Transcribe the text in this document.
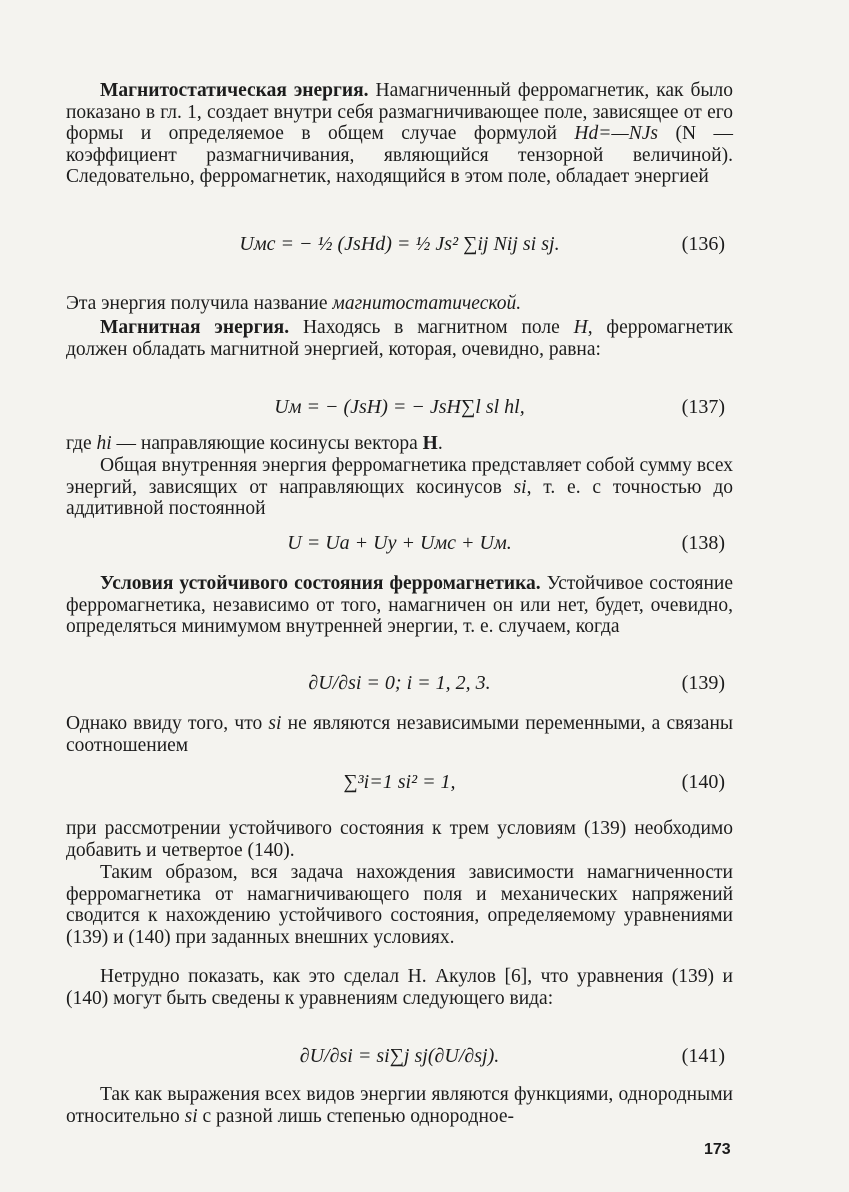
Магнитостатическая энергия. Намагниченный ферромагнетик, как было показано в гл. 1, создает внутри себя размагничивающее поле, зависящее от его формы и определяемое в общем случае формулой Hd=—NJs (N — коэффициент размагничивания, являющийся тензорной величиной). Следовательно, ферромагнетик, находящийся в этом поле, обладает энергией
Uмс = − ½ (JsHd) = ½ Js² ∑ij Nij si sj.	(136)
Эта энергия получила название магнитостатической.
Магнитная энергия. Находясь в магнитном поле H, ферромагнетик должен обладать магнитной энергией, которая, очевидно, равна:
Uм = − (JsH) = − JsH∑l sl hl,	(137)
где hi — направляющие косинусы вектора H.
Общая внутренняя энергия ферромагнетика представляет собой сумму всех энергий, зависящих от направляющих косинусов si, т. е. с точностью до аддитивной постоянной
U = Uа + Uу + Uмс + Uм.	(138)
Условия устойчивого состояния ферромагнетика. Устойчивое состояние ферромагнетика, независимо от того, намагничен он или нет, будет, очевидно, определяться минимумом внутренней энергии, т. е. случаем, когда
∂U/∂si = 0; i = 1, 2, 3.	(139)
Однако ввиду того, что si не являются независимыми переменными, а связаны соотношением
∑³i=1 si² = 1,	(140)
при рассмотрении устойчивого состояния к трем условиям (139) необходимо добавить и четвертое (140).
Таким образом, вся задача нахождения зависимости намагниченности ферромагнетика от намагничивающего поля и механических напряжений сводится к нахождению устойчивого состояния, определяемому уравнениями (139) и (140) при заданных внешних условиях.
Нетрудно показать, как это сделал Н. Акулов [6], что уравнения (139) и (140) могут быть сведены к уравнениям следующего вида:
∂U/∂si = si∑j sj(∂U/∂sj).	(141)
Так как выражения всех видов энергии являются функциями, однородными относительно si с разной лишь степенью однородное-
173
